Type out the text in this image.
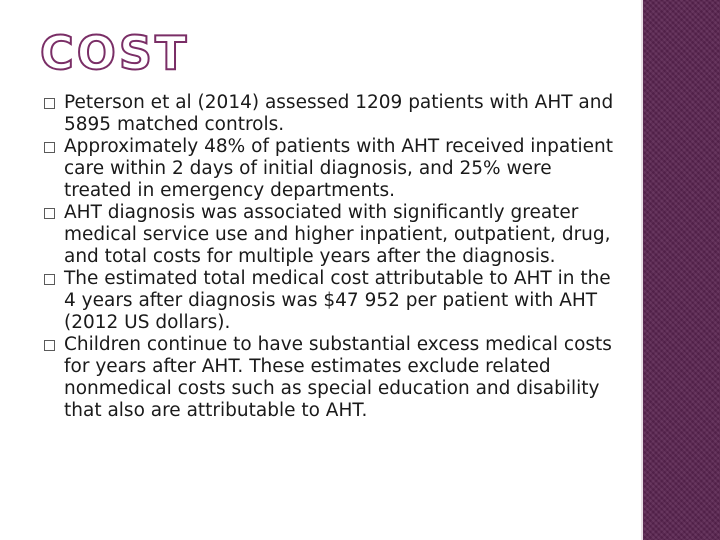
COST
Peterson et al (2014) assessed 1209 patients with AHT and 5895 matched controls.
Approximately 48% of patients with AHT received inpatient care within 2 days of initial diagnosis, and 25% were treated in emergency departments.
AHT diagnosis was associated with significantly greater medical service use and higher inpatient, outpatient, drug, and total costs for multiple years after the diagnosis.
The estimated total medical cost attributable to AHT in the 4 years after diagnosis was $47 952 per patient with AHT (2012 US dollars).
Children continue to have substantial excess medical costs for years after AHT. These estimates exclude related nonmedical costs such as special education and disability that also are attributable to AHT.
